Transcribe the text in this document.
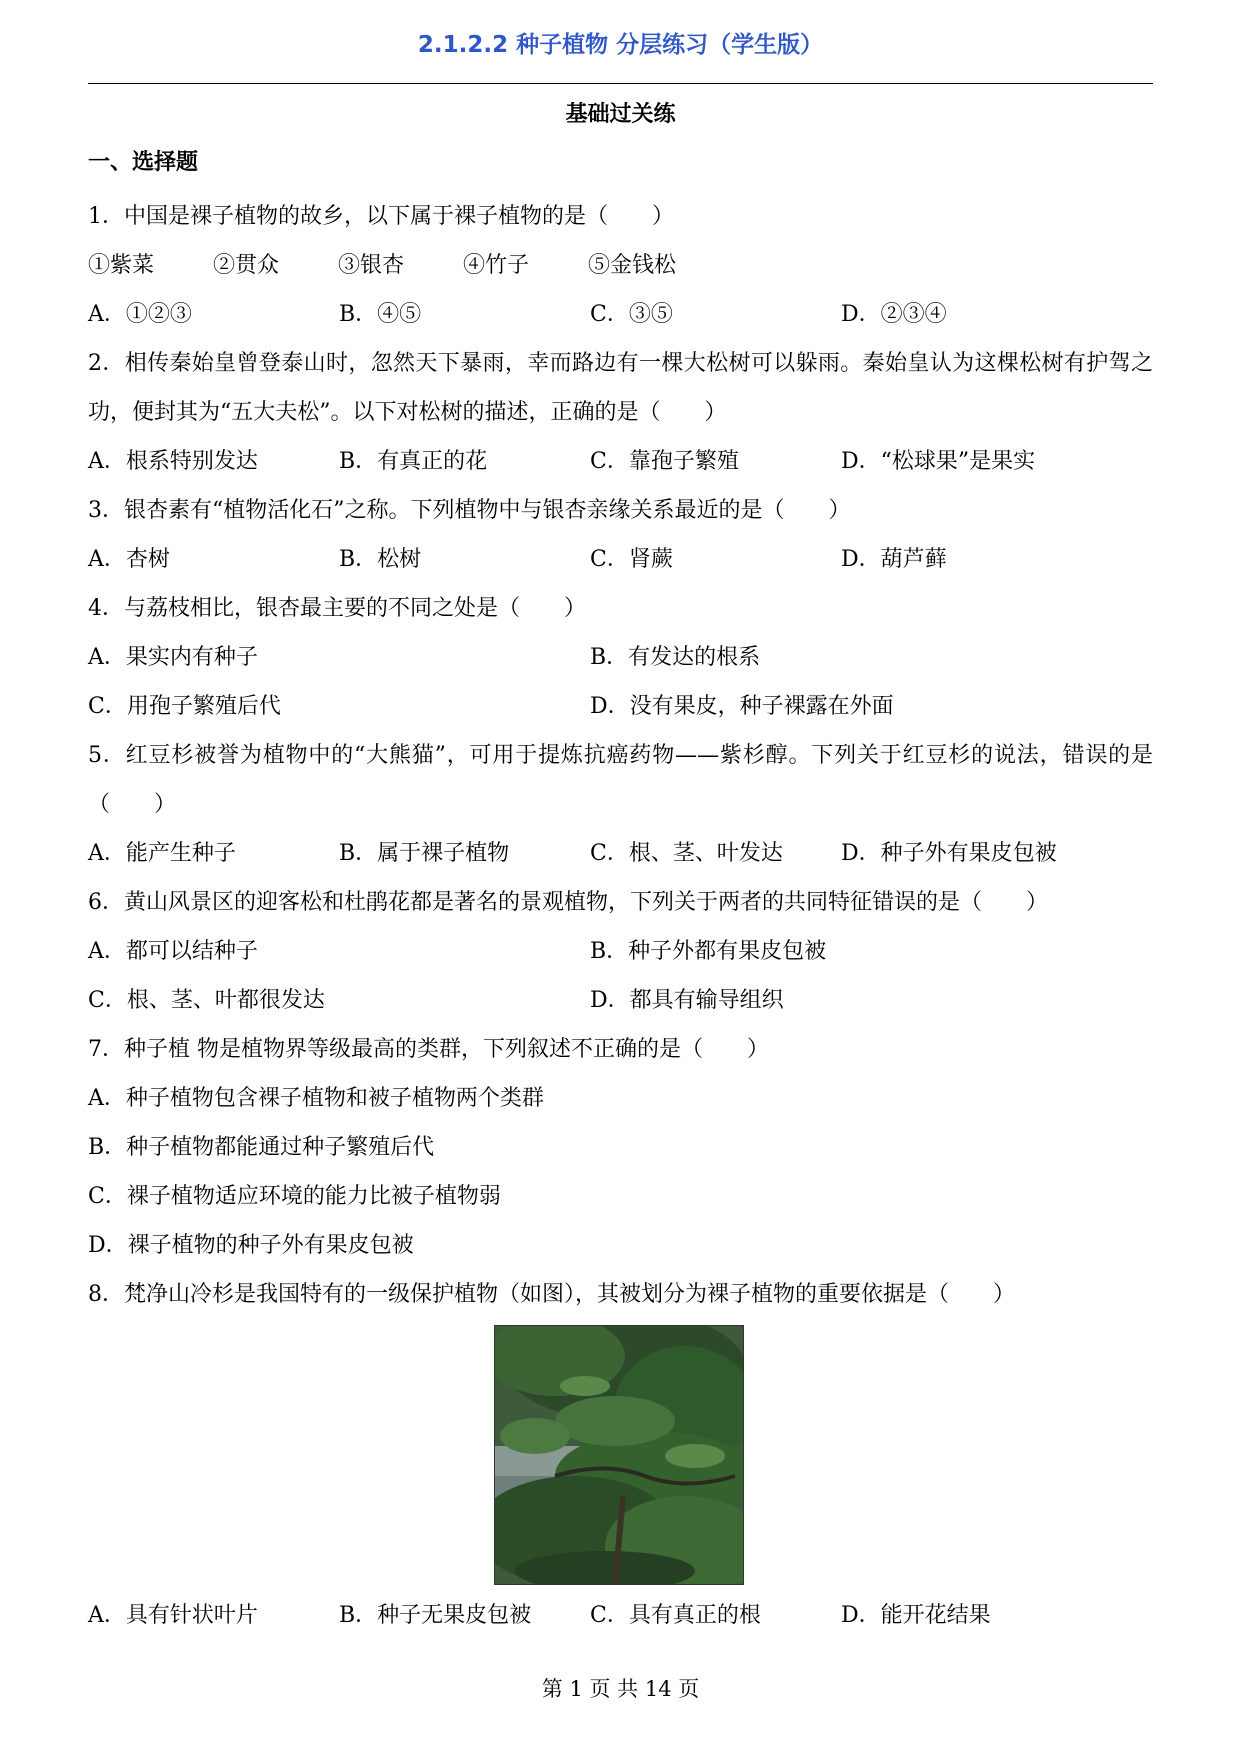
2.1.2.2 种子植物 分层练习（学生版）
基础过关练
一、选择题

1．中国是裸子植物的故乡，以下属于裸子植物的是（　　）

①紫菜	②贯众	③银杏	④竹子	⑤金钱松
A．①②③	B．④⑤	C．③⑤	D．②③④

2．相传秦始皇曾登泰山时，忽然天下暴雨，幸而路边有一棵大松树可以躲雨。秦始皇认为这棵松树有护驾之功，便封其为“五大夫松”。以下对松树的描述，正确的是（　　）

A．根系特别发达	B．有真正的花	C．靠孢子繁殖	D．“松球果”是果实

3．银杏素有“植物活化石”之称。下列植物中与银杏亲缘关系最近的是（　　）

A．杏树	B．松树	C．肾蕨	D．葫芦藓

4．与荔枝相比，银杏最主要的不同之处是（　　）

A．果实内有种子	B．有发达的根系
C．用孢子繁殖后代	D．没有果皮，种子裸露在外面

5．红豆杉被誉为植物中的“大熊猫”，可用于提炼抗癌药物——紫杉醇。下列关于红豆杉的说法，错误的是（　　）

A．能产生种子	B．属于裸子植物	C．根、茎、叶发达	D．种子外有果皮包被

6．黄山风景区的迎客松和杜鹃花都是著名的景观植物，下列关于两者的共同特征错误的是（　　）

A．都可以结种子	B．种子外都有果皮包被
C．根、茎、叶都很发达	D．都具有输导组织

7．种子植 物是植物界等级最高的类群，下列叙述不正确的是（　　）

A．种子植物包含裸子植物和被子植物两个类群
B．种子植物都能通过种子繁殖后代
C．裸子植物适应环境的能力比被子植物弱
D．裸子植物的种子外有果皮包被

8．梵净山冷杉是我国特有的一级保护植物（如图），其被划分为裸子植物的重要依据是（　　）

A．具有针状叶片	B．种子无果皮包被	C．具有真正的根	D．能开花结果
第 1 页 共 14 页
